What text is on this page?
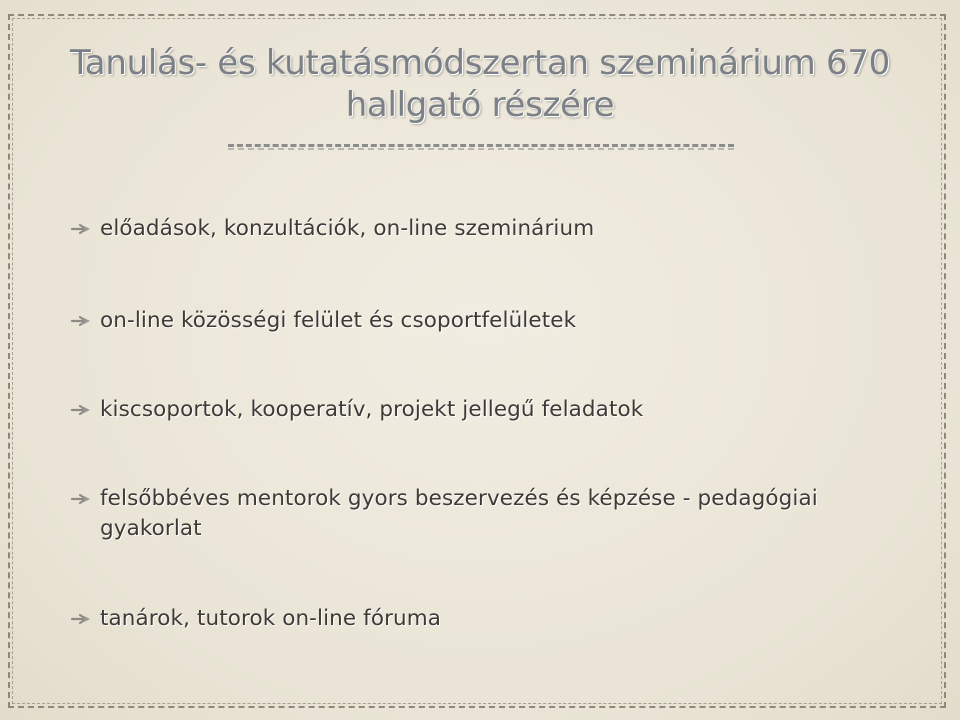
Tanulás- és kutatásmódszertan szeminárium 670 hallgató részére
előadások, konzultációk, on-line szeminárium
on-line közösségi felület és csoportfelületek
kiscsoportok, kooperatív, projekt jellegű feladatok
felsőbbéves mentorok gyors beszervezés és képzése - pedagógiai gyakorlat
tanárok, tutorok on-line fóruma
